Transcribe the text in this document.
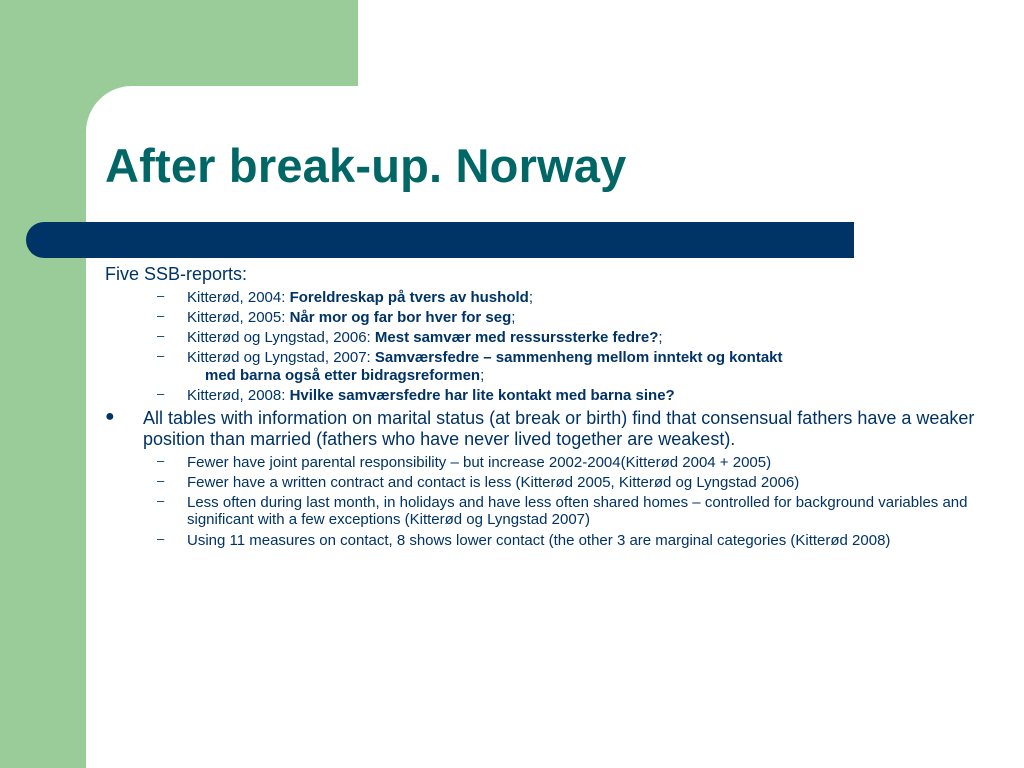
After break-up. Norway

Five SSB-reports:

– Kitterød, 2004: Foreldreskap på tvers av hushold;
– Kitterød, 2005: Når mor og far bor hver for seg;
– Kitterød og Lyngstad, 2006: Mest samvær med ressurssterke fedre?;
– Kitterød og Lyngstad, 2007: Samværsfedre – sammenheng mellom inntekt og kontakt
med barna også etter bidragsreformen;
– Kitterød, 2008: Hvilke samværsfedre har lite kontakt med barna sine?
● All tables with information on marital status (at break or birth) find that consensual fathers have a weaker position than married (fathers who have never lived together are weakest).
– Fewer have joint parental responsibility – but increase 2002-2004(Kitterød 2004 + 2005)
– Fewer have a written contract and contact is less (Kitterød 2005, Kitterød og Lyngstad 2006)
– Less often during last month, in holidays and have less often shared homes – controlled for background variables and significant with a few exceptions (Kitterød og Lyngstad 2007)
– Using 11 measures on contact, 8 shows lower contact (the other 3 are marginal categories (Kitterød 2008)
